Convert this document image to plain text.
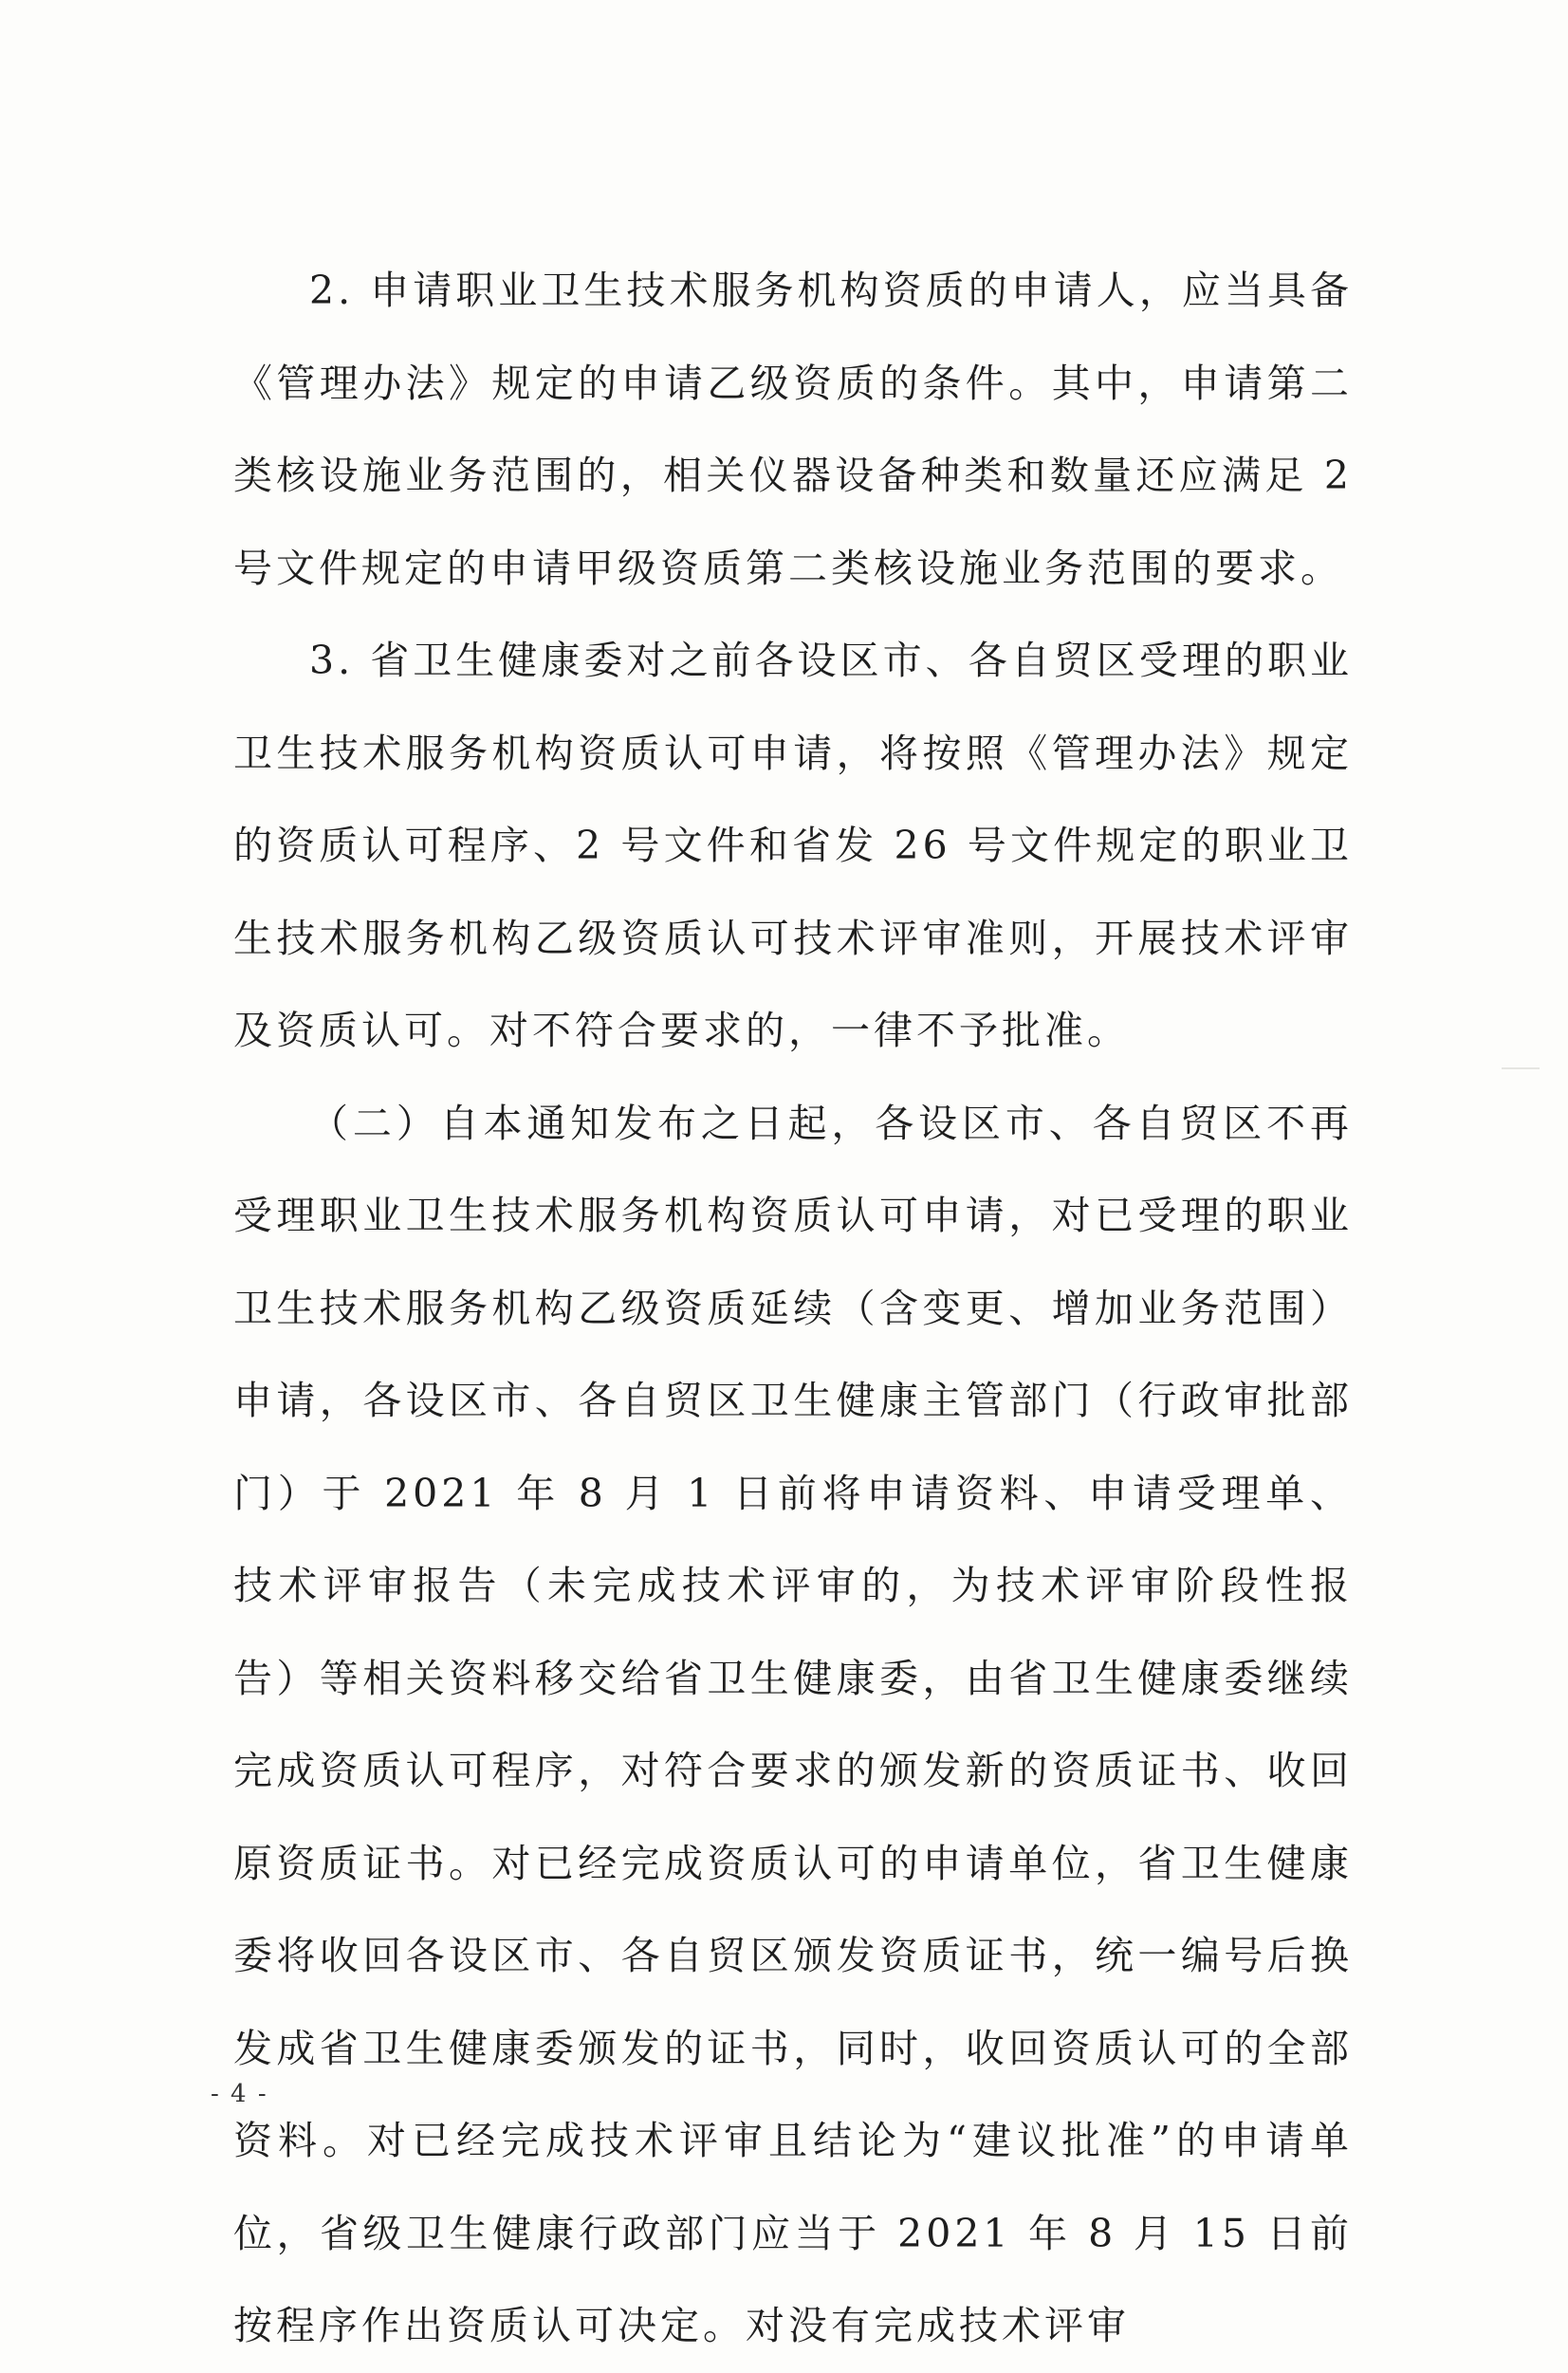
2. 申请职业卫生技术服务机构资质的申请人，应当具备《管理办法》规定的申请乙级资质的条件。其中，申请第二类核设施业务范围的，相关仪器设备种类和数量还应满足 2 号文件规定的申请甲级资质第二类核设施业务范围的要求。

3. 省卫生健康委对之前各设区市、各自贸区受理的职业卫生技术服务机构资质认可申请，将按照《管理办法》规定的资质认可程序、2 号文件和省发 26 号文件规定的职业卫生技术服务机构乙级资质认可技术评审准则，开展技术评审及资质认可。对不符合要求的，一律不予批准。

（二）自本通知发布之日起，各设区市、各自贸区不再受理职业卫生技术服务机构资质认可申请，对已受理的职业卫生技术服务机构乙级资质延续（含变更、增加业务范围）申请，各设区市、各自贸区卫生健康主管部门（行政审批部门）于 2021 年 8 月 1 日前将申请资料、申请受理单、技术评审报告（未完成技术评审的，为技术评审阶段性报告）等相关资料移交给省卫生健康委，由省卫生健康委继续完成资质认可程序，对符合要求的颁发新的资质证书、收回原资质证书。对已经完成资质认可的申请单位，省卫生健康委将收回各设区市、各自贸区颁发资质证书，统一编号后换发成省卫生健康委颁发的证书，同时，收回资质认可的全部资料。对已经完成技术评审且结论为“建议批准”的申请单位，省级卫生健康行政部门应当于 2021 年 8 月 15 日前按程序作出资质认可决定。对没有完成技术评审

- 4 -
